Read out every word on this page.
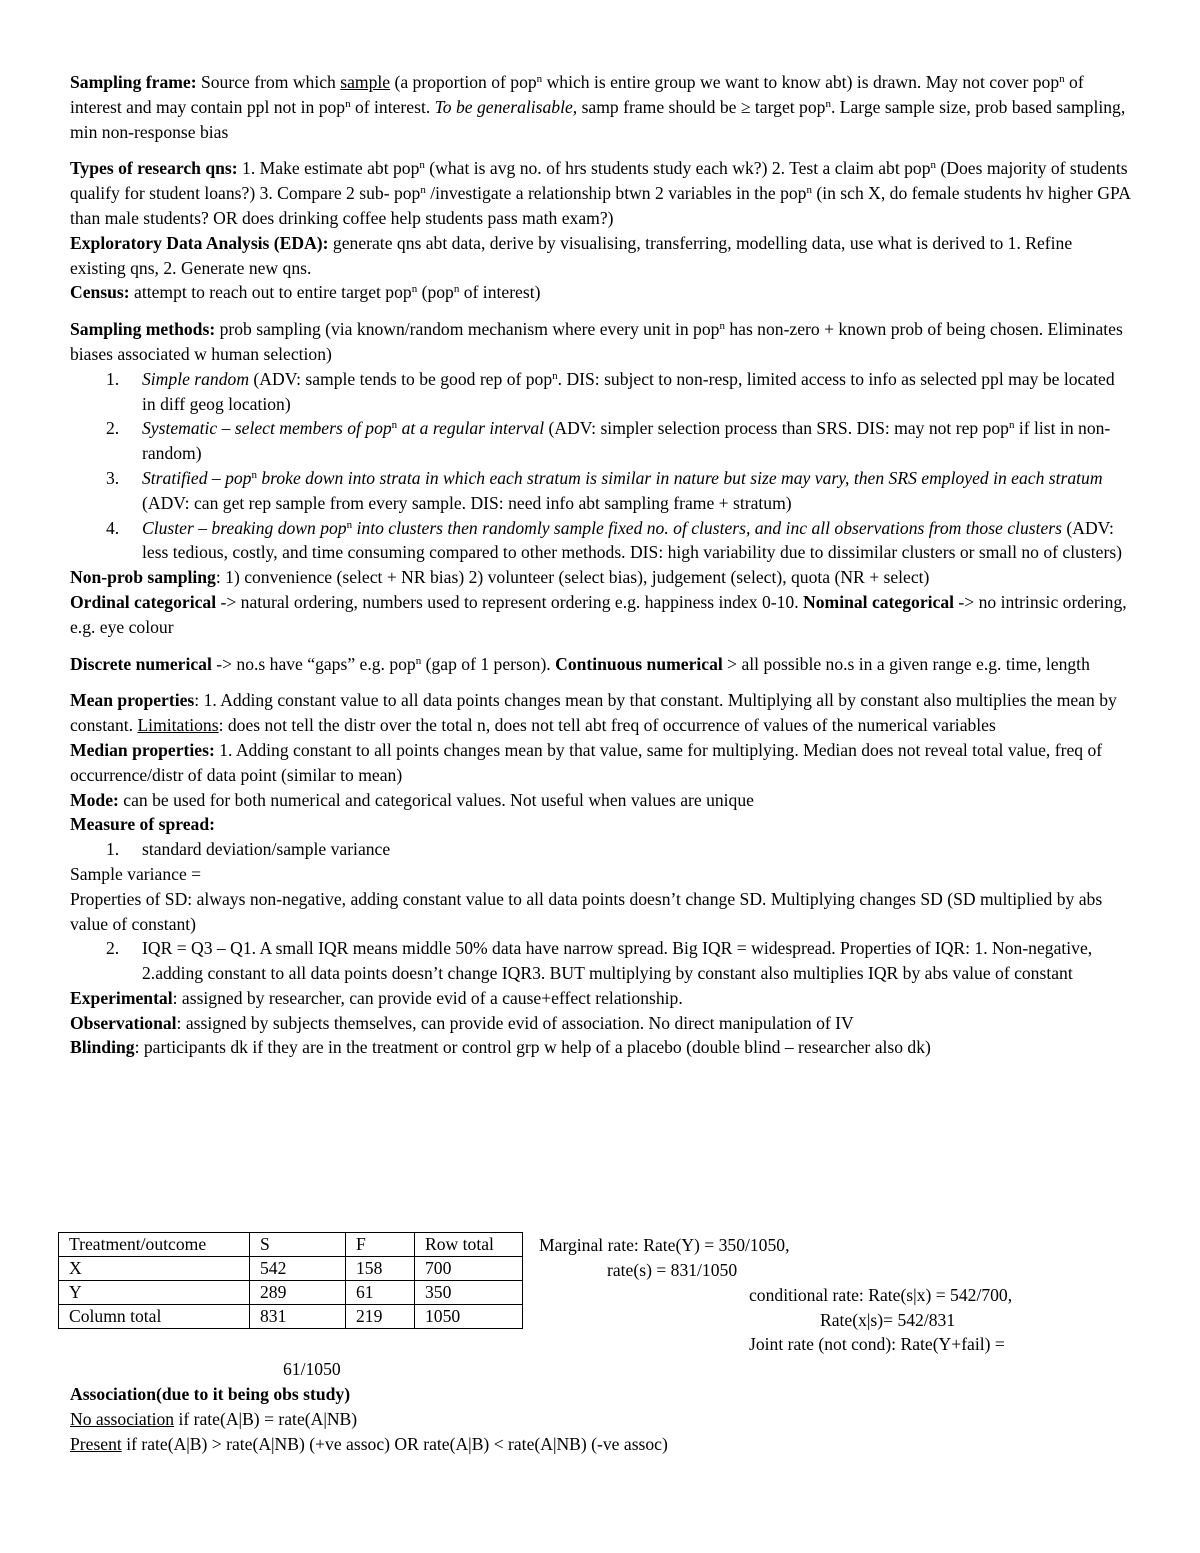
Sampling frame: Source from which sample (a proportion of pop$^n$ which is entire group we want to know abt) is drawn. May not cover pop$^n$ of interest and may contain ppl not in pop$^n$ of interest. To be generalisable, samp frame should be ≥ target pop$^n$. Large sample size, prob based sampling, min non-response bias

Types of research qns: 1. Make estimate abt pop$^n$ (what is avg no. of hrs students study each wk?) 2. Test a claim abt pop$^n$ (Does majority of students qualify for student loans?) 3. Compare 2 sub- pop$^n$ /investigate a relationship btwn 2 variables in the pop$^n$ (in sch X, do female students hv higher GPA than male students? OR does drinking coffee help students pass math exam?)

Exploratory Data Analysis (EDA): generate qns abt data, derive by visualising, transferring, modelling data, use what is derived to 1. Refine existing qns, 2. Generate new qns.

Census: attempt to reach out to entire target pop$^n$ (pop$^n$ of interest)

Sampling methods: prob sampling (via known/random mechanism where every unit in pop$^n$ has non-zero + known prob of being chosen. Eliminates biases associated w human selection)

1. Simple random (ADV: sample tends to be good rep of pop$^n$. DIS: subject to non-resp, limited access to info as selected ppl may be located in diff geog location)
2. Systematic – select members of pop$^n$ at a regular interval (ADV: simpler selection process than SRS. DIS: may not rep pop$^n$ if list in non-random)
3. Stratified – pop$^n$ broke down into strata in which each stratum is similar in nature but size may vary, then SRS employed in each stratum (ADV: can get rep sample from every sample. DIS: need info abt sampling frame + stratum)
4. Cluster – breaking down pop$^n$ into clusters then randomly sample fixed no. of clusters, and inc all observations from those clusters (ADV: less tedious, costly, and time consuming compared to other methods. DIS: high variability due to dissimilar clusters or small no of clusters)

Non-prob sampling: 1) convenience (select + NR bias) 2) volunteer (select bias), judgement (select), quota (NR + select)

Ordinal categorical -> natural ordering, numbers used to represent ordering e.g. happiness index 0-10. Nominal categorical -> no intrinsic ordering, e.g. eye colour

Discrete numerical -> no.s have “gaps” e.g. pop$^n$ (gap of 1 person). Continuous numerical > all possible no.s in a given range e.g. time, length

Mean properties: 1. Adding constant value to all data points changes mean by that constant. Multiplying all by constant also multiplies the mean by constant. Limitations: does not tell the distr over the total n, does not tell abt freq of occurrence of values of the numerical variables

Median properties: 1. Adding constant to all points changes mean by that value, same for multiplying. Median does not reveal total value, freq of occurrence/distr of data point (similar to mean)

Mode: can be used for both numerical and categorical values. Not useful when values are unique

Measure of spread:

1. standard deviation/sample variance

Sample variance =

Properties of SD: always non-negative, adding constant value to all data points doesn’t change SD. Multiplying changes SD (SD multiplied by abs value of constant)

2. IQR = Q3 – Q1. A small IQR means middle 50% data have narrow spread. Big IQR = widespread. Properties of IQR: 1. Non-negative, 2.adding constant to all data points doesn’t change IQR3. BUT multiplying by constant also multiplies IQR by abs value of constant

Experimental: assigned by researcher, can provide evid of a cause+effect relationship.

Observational: assigned by subjects themselves, can provide evid of association. No direct manipulation of IV

Blinding: participants dk if they are in the treatment or control grp w help of a placebo (double blind – researcher also dk)

Treatment/outcome	S	F	Row total
X	542	158	700
Y	289	61	350
Column total	831	219	1050
Marginal rate: Rate(Y) = 350/1050,
rate(s) = 831/1050
conditional rate: Rate(s|x) = 542/700,
Rate(x|s)= 542/831
Joint rate (not cond): Rate(Y+fail) =
61/1050
Association(due to it being obs study)
No association if rate(A|B) = rate(A|NB)
Present if rate(A|B) > rate(A|NB) (+ve assoc) OR rate(A|B) < rate(A|NB) (-ve assoc)
